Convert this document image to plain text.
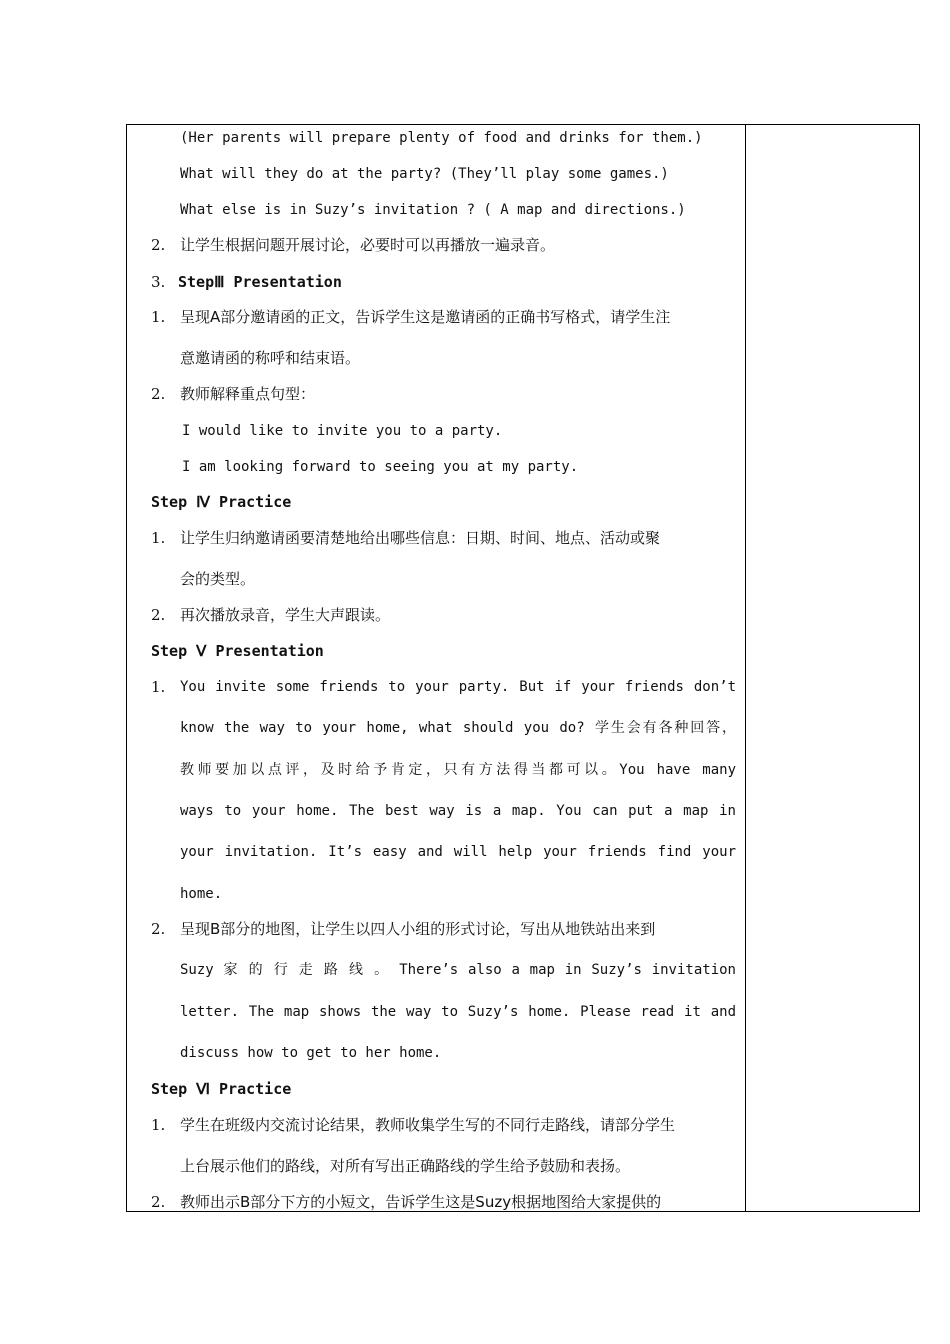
(Her parents will prepare plenty of food and drinks for them.)
What will they do at the party? (They’ll play some games.)
What else is in Suzy’s invitation ? ( A map and directions.)
2. 让学生根据问题开展讨论，必要时可以再播放一遍录音。
3. StepⅢ Presentation
1. 呈现A部分邀请函的正文，告诉学生这是邀请函的正确书写格式，请学生注
意邀请函的称呼和结束语。
2. 教师解释重点句型：
I would like to invite you to a party.
I am looking forward to seeing you at my party.
Step Ⅳ Practice
1. 让学生归纳邀请函要清楚地给出哪些信息：日期、时间、地点、活动或聚
会的类型。
2. 再次播放录音，学生大声跟读。
Step Ⅴ Presentation
1. You invite some friends to your party. But if your friends don’t
know the way to your home, what should you do? 学生会有各种回答，
教师要加以点评，及时给予肯定，只有方法得当都可以。You have many
ways to your home. The best way is a map. You can put a map in
your invitation. It’s easy and will help your friends find your
home.
2. 呈现B部分的地图，让学生以四人小组的形式讨论，写出从地铁站出来到
Suzy 家 的 行 走 路 线 。 There’s also a map in Suzy’s invitation
letter. The map shows the way to Suzy’s home. Please read it and
discuss how to get to her home.
Step Ⅵ Practice
1. 学生在班级内交流讨论结果，教师收集学生写的不同行走路线，请部分学生
上台展示他们的路线，对所有写出正确路线的学生给予鼓励和表扬。
2. 教师出示B部分下方的小短文，告诉学生这是Suzy根据地图给大家提供的
